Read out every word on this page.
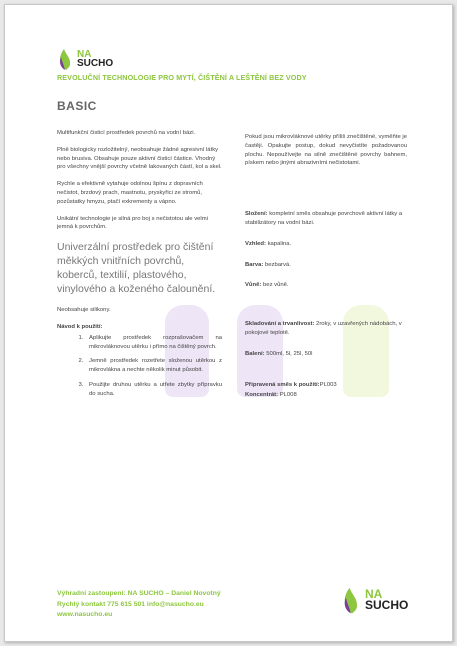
NA
SUCHO
REVOLUČNÍ TECHNOLOGIE PRO MYTÍ, ČIŠTĚNÍ A LEŠTĚNÍ BEZ VODY
BASIC

Multifunkční čisticí prostředek povrchů na vodní bázi.

Plně biologicky rozložitelný, neobsahuje žádné agresivní látky nebo brusiva. Obsahuje pouze aktivní čisticí částice. Vhodný pro všechny vnější povrchy včetně lakovaných částí, kol a skel.

Rychle a efektivně vytahuje odolnou špínu z dopravních nečistot, brzdový prach, mastnotu, pryskyřici ze stromů, pozůstatky hmyzu, ptačí exkrementy a vápno.

Unikátní technologie je silná pro boj s nečistotou ale velmi jemná k povrchům.

Univerzální prostředek pro čištění měkkých vnitřních povrchů, koberců, textilií, plastového, vinylového a koženého čalounění.

Neobsahuje silikony.

Návod k použití:
1. Aplikujte prostředek rozprašovačem na mikrovláknovou utěrku i přímo na čištěný povrch.
2. Jemně prostředek rozetřete složenou utěrkou z mikrovlákna a nechte několik minut působit.
3. Použijte druhou utěrku a utřete zbytky přípravku do sucha.

Pokud jsou mikrovláknové utěrky příliš znečištěné, vyměňte je častěji. Opakujte postup, dokud nevyčistíte požadovanou plochu. Nepoužívejte na silně znečištěné povrchy bahnem, pískem nebo jinými abrazivními nečistotami.

Složení: kompletní směs obsahuje povrchově aktivní látky a stabilizátory na vodní bázi.

Vzhled: kapalina.

Barva: bezbarvá.

Vůně: bez vůně.

Skladování a trvanlivost: 2roky, v uzavřených nádobách, v pokojové teplotě.

Balení: 500ml, 5l, 25l, 50l

Připravená směs k použití:PL003

Koncentrát: PL008

Výhradní zastoupení: NA SUCHO – Daniel Novotný
Rychlý kontakt 775 615 501 info@nasucho.eu
www.nasucho.eu
NA
SUCHO
